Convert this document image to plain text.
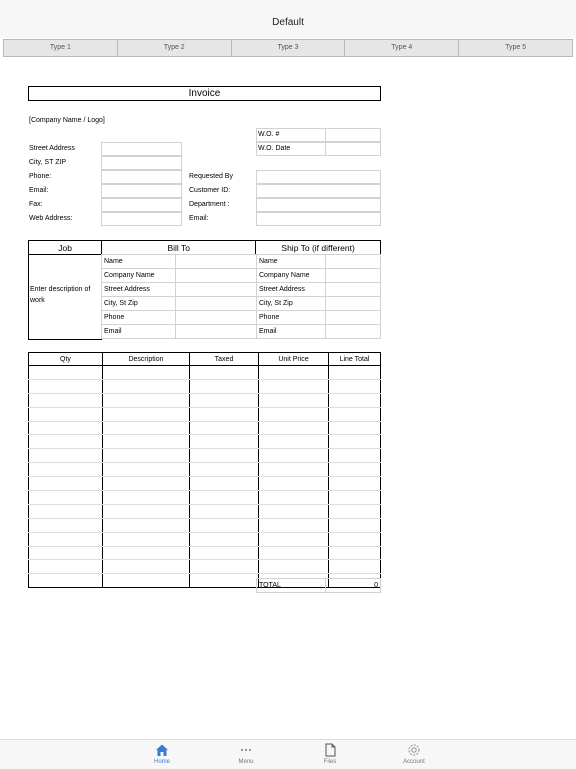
Default
Type 1	Type 2	Type 3	Type 4	Type 5
Invoice
[Company Name / Logo]
W.O. #
W.O. Date
Street Address
City, ST ZIP
Phone:
Email:
Fax:
Web Address:
Requested By
Customer ID:
Department :
Email:
Job	Bill To	Ship To (if different)
Enter description of work
Name	
Company Name	
Street Address	
City, St Zip	
Phone	
Email	
Name	
Company Name	
Street Address	
City, St Zip	
Phone	
Email	
Qty	Description	Taxed	Unit Price	Line Total

TOTAL	0
Home	Menu	Files	Account
